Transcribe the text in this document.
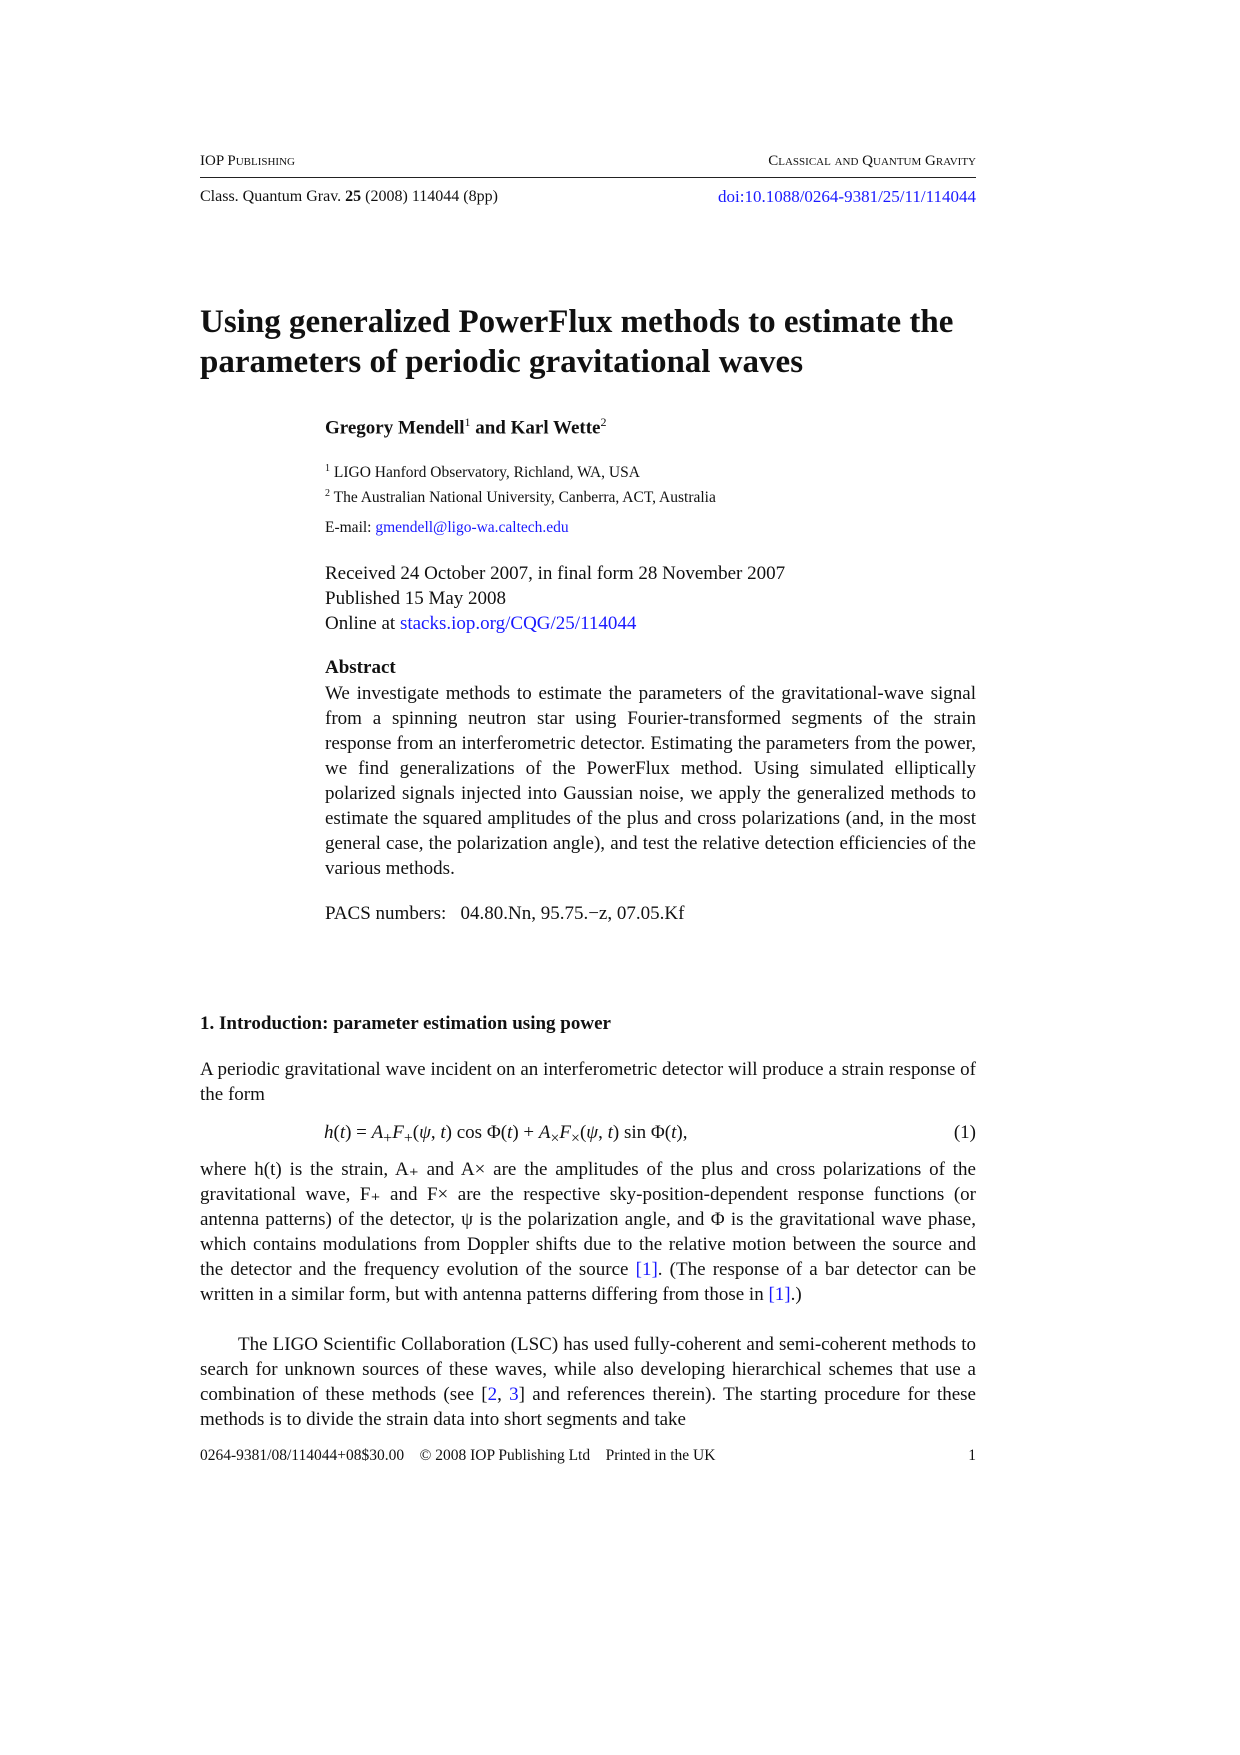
IOP Publishing	Classical and Quantum Gravity
Class. Quantum Grav. 25 (2008) 114044 (8pp)	doi:10.1088/0264-9381/25/11/114044
Using generalized PowerFlux methods to estimate the parameters of periodic gravitational waves
Gregory Mendell$^1$ and Karl Wette$^2$
$^1$ LIGO Hanford Observatory, Richland, WA, USA
$^2$ The Australian National University, Canberra, ACT, Australia
E-mail: gmendell@ligo-wa.caltech.edu
Received 24 October 2007, in final form 28 November 2007
Published 15 May 2008
Online at stacks.iop.org/CQG/25/114044
Abstract

We investigate methods to estimate the parameters of the gravitational-wave signal from a spinning neutron star using Fourier-transformed segments of the strain response from an interferometric detector. Estimating the parameters from the power, we find generalizations of the PowerFlux method. Using simulated elliptically polarized signals injected into Gaussian noise, we apply the generalized methods to estimate the squared amplitudes of the plus and cross polarizations (and, in the most general case, the polarization angle), and test the relative detection efficiencies of the various methods.

PACS numbers: 04.80.Nn, 95.75.−z, 07.05.Kf
1. Introduction: parameter estimation using power

A periodic gravitational wave incident on an interferometric detector will produce a strain response of the form

$h(t) = A_+F_+(\psi$, t) $\cos \Phi(t) + A_\times F_\times(\psi$, t) sin Φ(t),	(1)

where h(t) is the strain, A₊ and A× are the amplitudes of the plus and cross polarizations of the gravitational wave, F₊ and F× are the respective sky-position-dependent response functions (or antenna patterns) of the detector, ψ is the polarization angle, and Φ is the gravitational wave phase, which contains modulations from Doppler shifts due to the relative motion between the source and the detector and the frequency evolution of the source [1]. (The response of a bar detector can be written in a similar form, but with antenna patterns differing from those in [1].)

The LIGO Scientific Collaboration (LSC) has used fully-coherent and semi-coherent methods to search for unknown sources of these waves, while also developing hierarchical schemes that use a combination of these methods (see [2, 3] and references therein). The starting procedure for these methods is to divide the strain data into short segments and take

0264-9381/08/114044+08$30.00 © 2008 IOP Publishing Ltd Printed in the UK	1
